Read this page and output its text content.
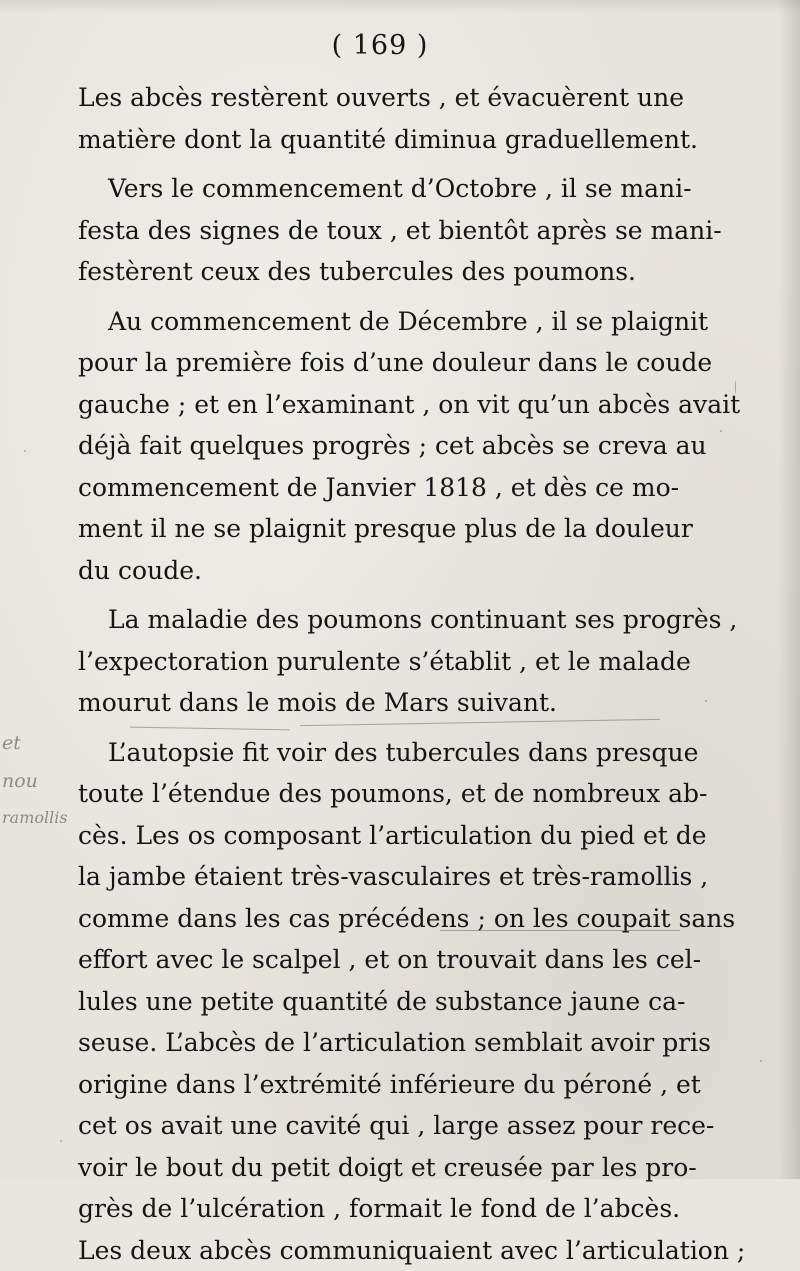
( 169 )
Les abcès restèrent ouverts , et évacuèrent une
matière dont la quantité diminua graduellement.
Vers le commencement d’Octobre , il se mani-
festa des signes de toux , et bientôt après se mani-
festèrent ceux des tubercules des poumons.
Au commencement de Décembre , il se plaignit
pour la première fois d’une douleur dans le coude
gauche ; et en l’examinant , on vit qu’un abcès avait
déjà fait quelques progrès ; cet abcès se creva au
commencement de Janvier 1818 , et dès ce mo-
ment il ne se plaignit presque plus de la douleur
du coude.
La maladie des poumons continuant ses progrès ,
l’expectoration purulente s’établit , et le malade
mourut dans le mois de Mars suivant.
L’autopsie fit voir des tubercules dans presque
toute l’étendue des poumons, et de nombreux ab-
cès. Les os composant l’articulation du pied et de
la jambe étaient très-vasculaires et très-ramollis ,
comme dans les cas précédens ; on les coupait sans
effort avec le scalpel , et on trouvait dans les cel-
lules une petite quantité de substance jaune ca-
seuse. L’abcès de l’articulation semblait avoir pris
origine dans l’extrémité inférieure du péroné , et
cet os avait une cavité qui , large assez pour rece-
voir le bout du petit doigt et creusée par les pro-
grès de l’ulcération , formait le fond de l’abcès.
Les deux abcès communiquaient avec l’articulation ;
et
nou
ramollis
